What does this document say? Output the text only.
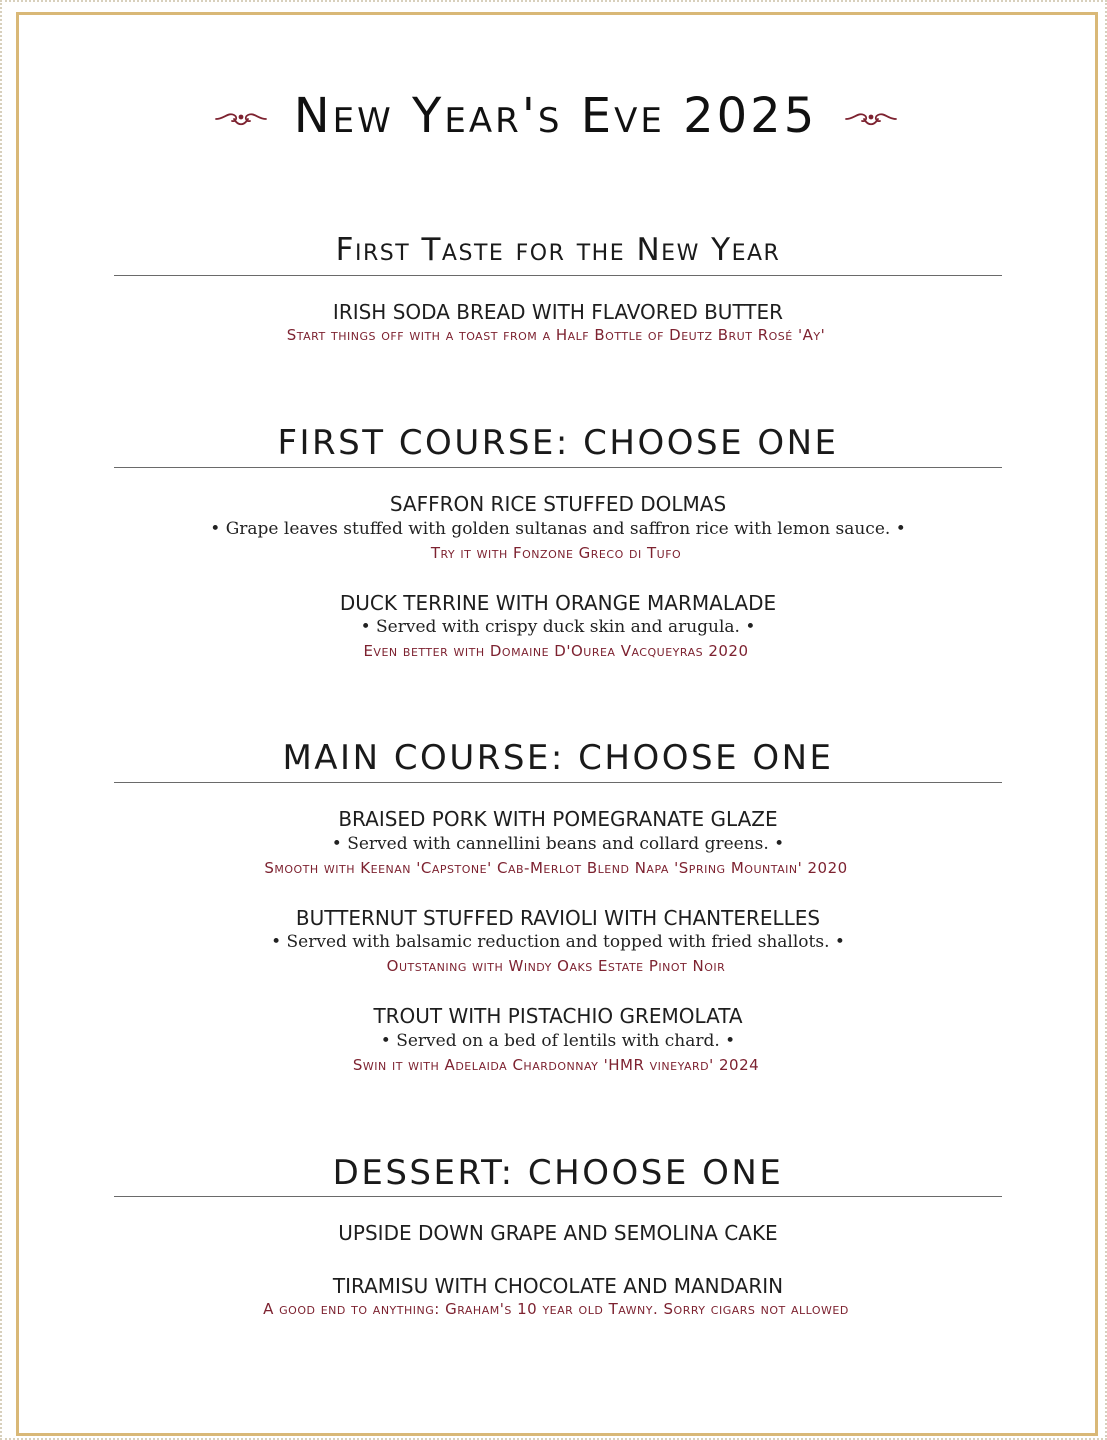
New Year's Eve 2025
First Taste for the New Year
IRISH SODA BREAD WITH FLAVORED BUTTER
Start things off with a toast from a Half Bottle of Deutz Brut Rosé 'Ay'
FIRST COURSE: CHOOSE ONE
SAFFRON RICE STUFFED DOLMAS
• Grape leaves stuffed with golden sultanas and saffron rice with lemon sauce. •
Try it with Fonzone Greco di Tufo
DUCK TERRINE WITH ORANGE MARMALADE
• Served with crispy duck skin and arugula. •
Even better with Domaine D'Ourea Vacqueyras 2020
MAIN COURSE: CHOOSE ONE
BRAISED PORK WITH POMEGRANATE GLAZE
• Served with cannellini beans and collard greens. •
Smooth with Keenan 'Capstone' Cab-Merlot Blend Napa 'Spring Mountain' 2020
BUTTERNUT STUFFED RAVIOLI WITH CHANTERELLES
• Served with balsamic reduction and topped with fried shallots. •
Outstaning with Windy Oaks Estate Pinot Noir
TROUT WITH PISTACHIO GREMOLATA
• Served on a bed of lentils with chard. •
Swin it with Adelaida Chardonnay 'HMR vineyard' 2024
DESSERT: CHOOSE ONE
UPSIDE DOWN GRAPE AND SEMOLINA CAKE
TIRAMISU WITH CHOCOLATE AND MANDARIN
A good end to anything: Graham's 10 year old Tawny. Sorry cigars not allowed
